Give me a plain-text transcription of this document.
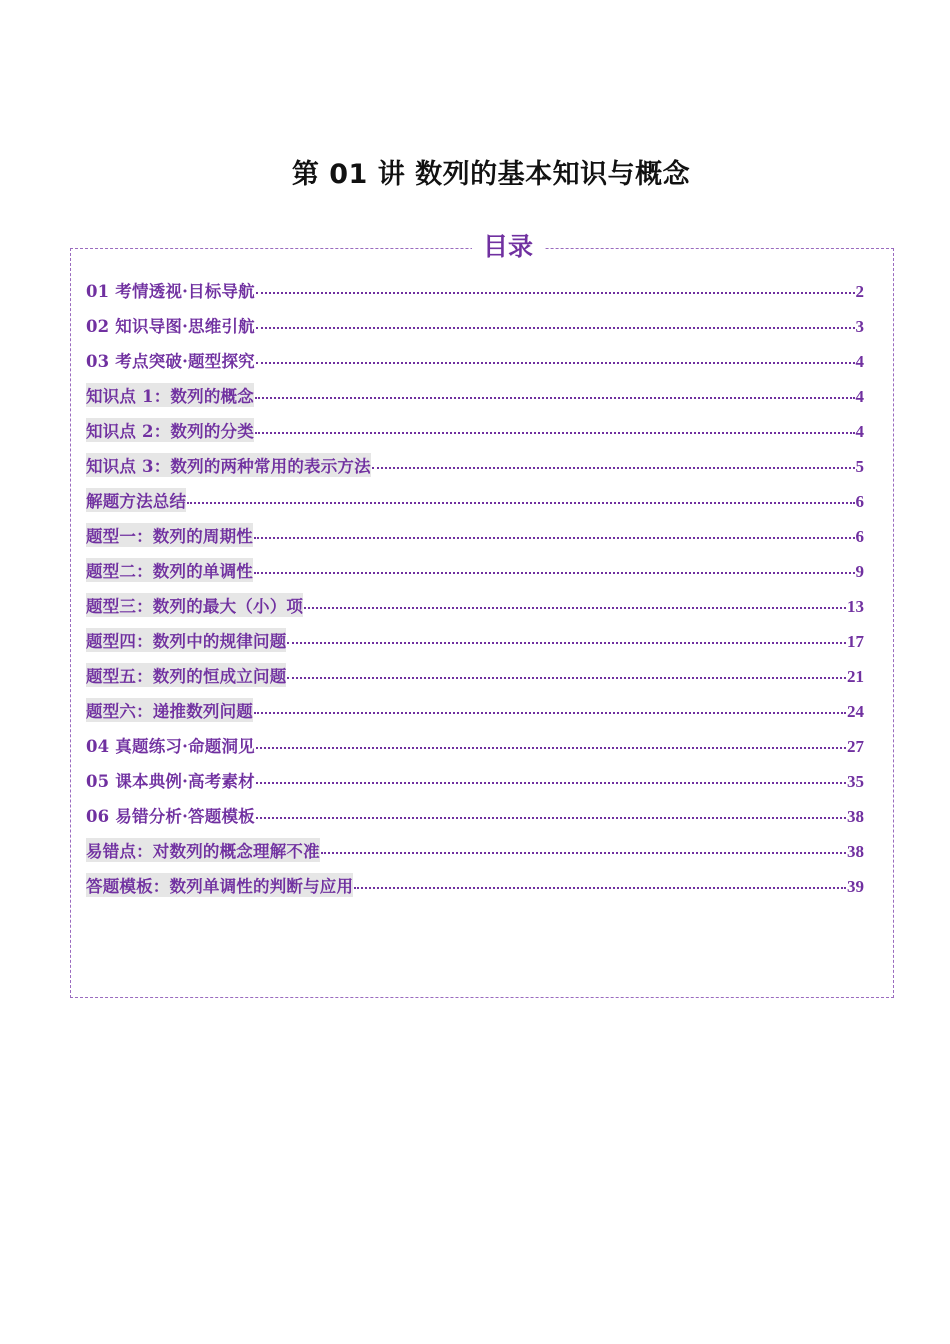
第 01 讲 数列的基本知识与概念
目录
01 考情透视·目标导航	2
02 知识导图·思维引航	3
03 考点突破·题型探究	4
知识点 1：数列的概念	4
知识点 2：数列的分类	4
知识点 3：数列的两种常用的表示方法	5
解题方法总结	6
题型一：数列的周期性	6
题型二：数列的单调性	9
题型三：数列的最大（小）项	13
题型四：数列中的规律问题	17
题型五：数列的恒成立问题	21
题型六：递推数列问题	24
04 真题练习·命题洞见	27
05 课本典例·高考素材	35
06 易错分析·答题模板	38
易错点：对数列的概念理解不准	38
答题模板：数列单调性的判断与应用	39
